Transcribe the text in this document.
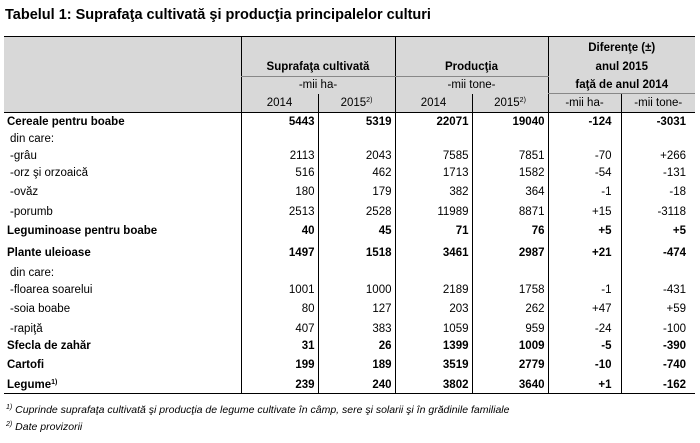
Tabelul 1: Suprafaţa cultivată şi producţia principalelor culturi
					Diferenţe (±)	
	Suprafaţa cultivată		Producţia		anul 2015	
	-mii ha-		-mii tone-		faţă de anul 2014	
	2014	2015$^{2)}$	2014	2015$^{2)}$	-mii ha-	-mii tone-
Cereale pentru boabe	5443	5319	22071	19040	-124	-3031
din care:						
-grâu	2113	2043	7585	7851	-70	+266
-orz şi orzoaică	516	462	1713	1582	-54	-131
-ovăz	180	179	382	364	-1	-18
-porumb	2513	2528	11989	8871	+15	-3118
Leguminoase pentru boabe	40	45	71	76	+5	+5
Plante uleioase	1497	1518	3461	2987	+21	-474
din care:						
-floarea soarelui	1001	1000	2189	1758	-1	-431
-soia boabe	80	127	203	262	+47	+59
-rapiţă	407	383	1059	959	-24	-100
Sfecla de zahăr	31	26	1399	1009	-5	-390
Cartofi	199	189	3519	2779	-10	-740
Legume$^{1)}$	239	240	3802	3640	+1	-162
$^{1)}$ Cuprinde suprafaţa cultivată şi producţia de legume cultivate în câmp, sere şi solarii şi în grădinile familiale
$^{2)}$ Date provizorii
